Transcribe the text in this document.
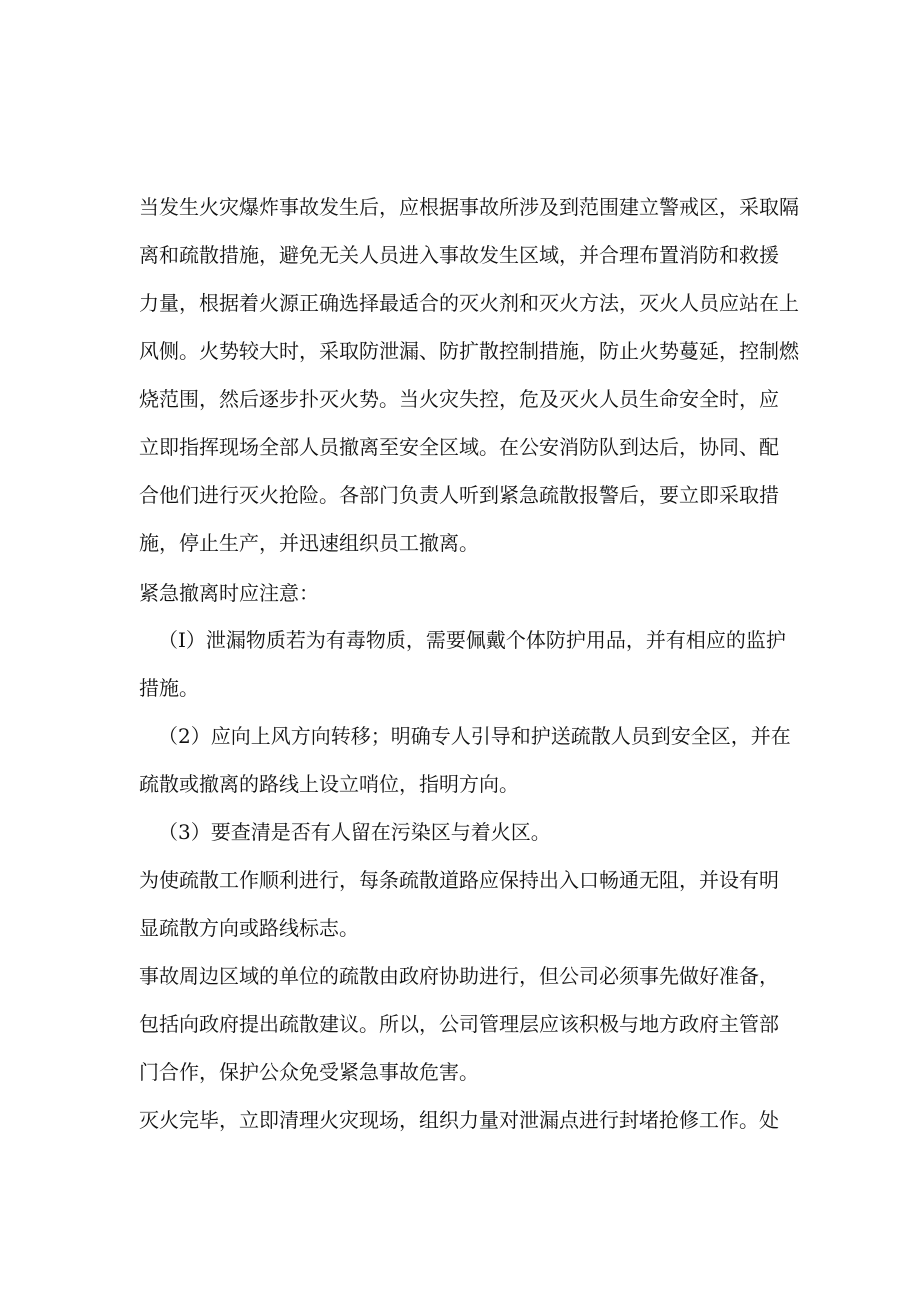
当发生火灾爆炸事故发生后，应根据事故所涉及到范围建立警戒区，采取隔
离和疏散措施，避免无关人员进入事故发生区域，并合理布置消防和救援
力量，根据着火源正确选择最适合的灭火剂和灭火方法，灭火人员应站在上
风侧。火势较大时，采取防泄漏、防扩散控制措施，防止火势蔓延，控制燃
烧范围，然后逐步扑灭火势。当火灾失控，危及灭火人员生命安全时，应
立即指挥现场全部人员撤离至安全区域。在公安消防队到达后，协同、配
合他们进行灭火抢险。各部门负责人听到紧急疏散报警后，要立即采取措
施，停止生产，并迅速组织员工撤离。
紧急撤离时应注意：
（I）泄漏物质若为有毒物质，需要佩戴个体防护用品，并有相应的监护
措施。
（2）应向上风方向转移；明确专人引导和护送疏散人员到安全区，并在
疏散或撤离的路线上设立哨位，指明方向。
（3）要查清是否有人留在污染区与着火区。
为使疏散工作顺利进行，每条疏散道路应保持出入口畅通无阻，并设有明
显疏散方向或路线标志。
事故周边区域的单位的疏散由政府协助进行，但公司必须事先做好准备，
包括向政府提出疏散建议。所以，公司管理层应该积极与地方政府主管部
门合作，保护公众免受紧急事故危害。
灭火完毕，立即清理火灾现场，组织力量对泄漏点进行封堵抢修工作。处
